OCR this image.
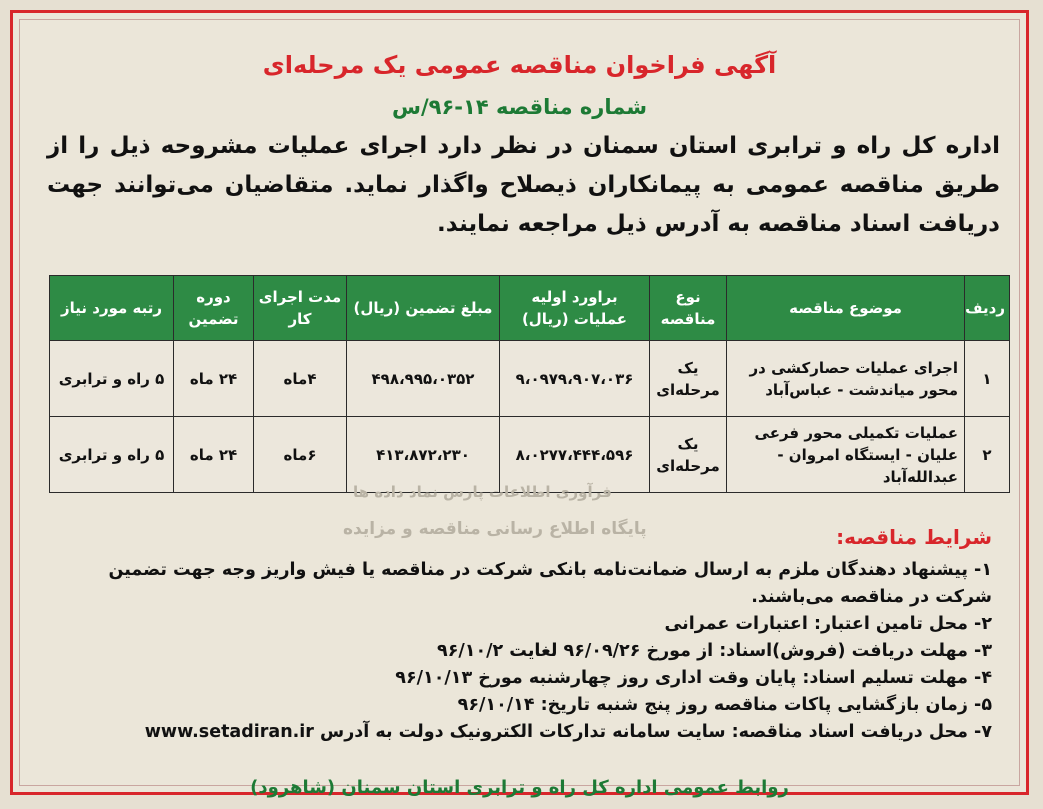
آگهی فراخوان مناقصه عمومی یک مرحله‌ای
شماره مناقصه ۱۴-۹۶/س
اداره کل راه و ترابری استان سمنان در نظر دارد اجرای عملیات مشروحه ذیل را از طریق مناقصه عمومی به پیمانکاران ذیصلاح واگذار نماید. متقاضیان می‌توانند جهت دریافت اسناد مناقصه به آدرس ذیل مراجعه نمایند.
ردیف	موضوع مناقصه	نوع مناقصه	براورد اولیه عملیات (ریال)	مبلغ تضمین (ریال)	مدت اجرای کار	دوره تضمین	رتبه مورد نیاز
۱	اجرای عملیات حصارکشی در محور میاندشت - عباس‌آباد	یک مرحله‌ای	۹،۰۹۷۹،۹۰۷،۰۳۶	۴۹۸،۹۹۵،۰۳۵۲	۴ماه	۲۴ ماه	۵ راه و ترابری
۲	عملیات تکمیلی محور فرعی علیان - ایستگاه امروان - عبدالله‌آباد	یک مرحله‌ای	۸،۰۲۷۷،۴۴۴،۵۹۶	۴۱۳،۸۷۲،۲۳۰	۶ماه	۲۴ ماه	۵ راه و ترابری
فرآوری اطلاعات پارس نماد داده ها
پایگاه اطلاع رسانی مناقصه و مزایده	شرایط مناقصه:
۱- پیشنهاد دهندگان ملزم به ارسال ضمانت‌نامه بانکی شرکت در مناقصه یا فیش واریز وجه جهت تضمین شرکت در مناقصه می‌باشند.
۲- محل تامین اعتبار: اعتبارات عمرانی
۳- مهلت دریافت (فروش)اسناد: از مورخ ۹۶/۰۹/۲۶ لغایت ۹۶/۱۰/۲
۴- مهلت تسلیم اسناد: پایان وقت اداری روز چهارشنبه مورخ ۹۶/۱۰/۱۳
۵- زمان بازگشایی پاکات مناقصه روز پنج شنبه تاریخ: ۹۶/۱۰/۱۴
۷- محل دریافت اسناد مناقصه: سایت سامانه تدارکات الکترونیک دولت به آدرس www.setadiran.ir
روابط عمومی اداره کل راه و ترابری استان سمنان (شاهرود)
